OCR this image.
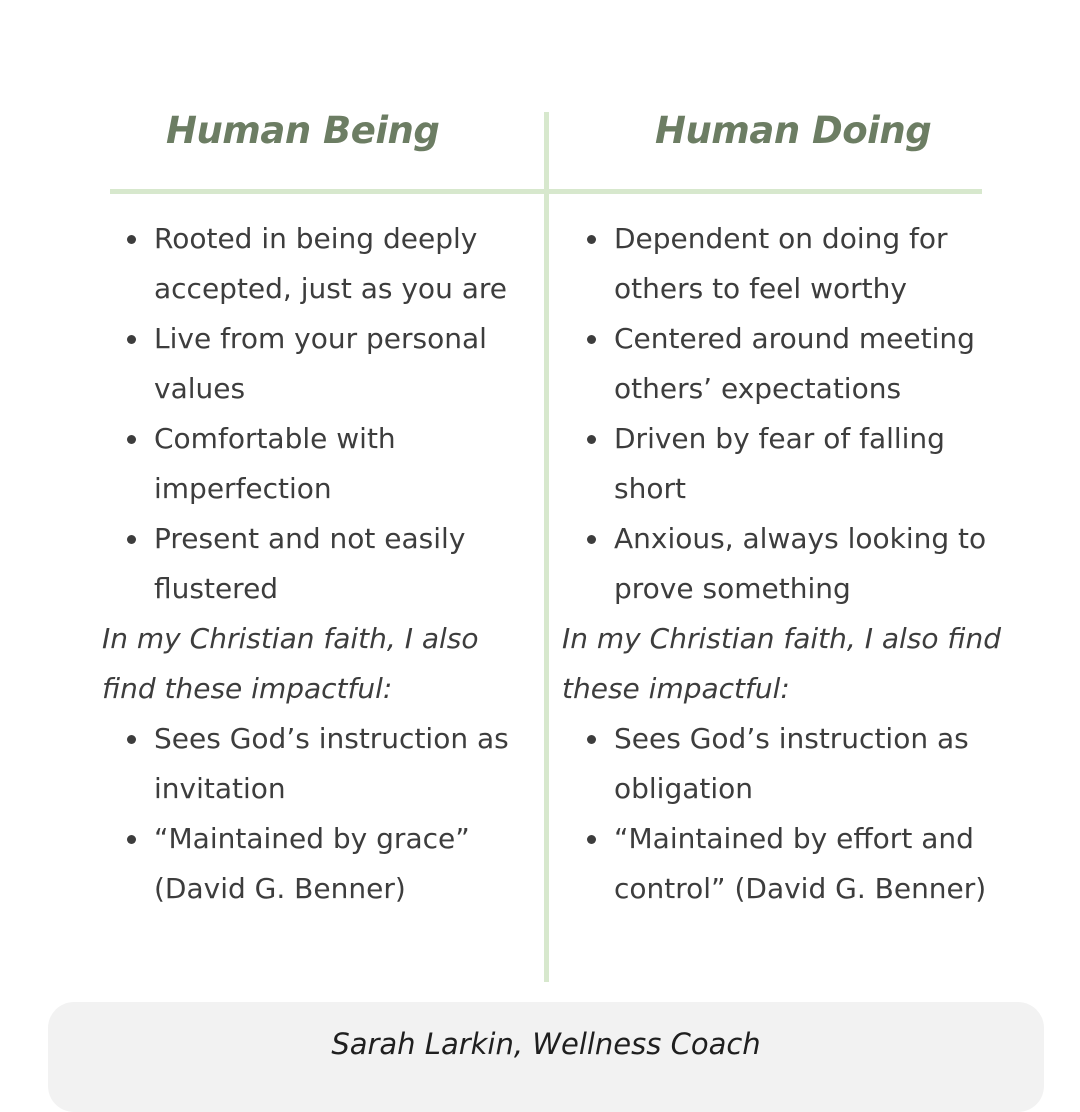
Human Being	Human Doing
Rooted in being deeply accepted, just as you are
Live from your personal values
Comfortable with imperfection
Present and not easily flustered

In my Christian faith, I also find these impactful:

Sees God’s instruction as invitation
“Maintained by grace” (David G. Benner)
Dependent on doing for others to feel worthy
Centered around meeting others’ expectations
Driven by fear of falling short
Anxious, always looking to prove something

In my Christian faith, I also find these impactful:

Sees God’s instruction as obligation
“Maintained by effort and control” (David G. Benner)
Sarah Larkin, Wellness Coach
